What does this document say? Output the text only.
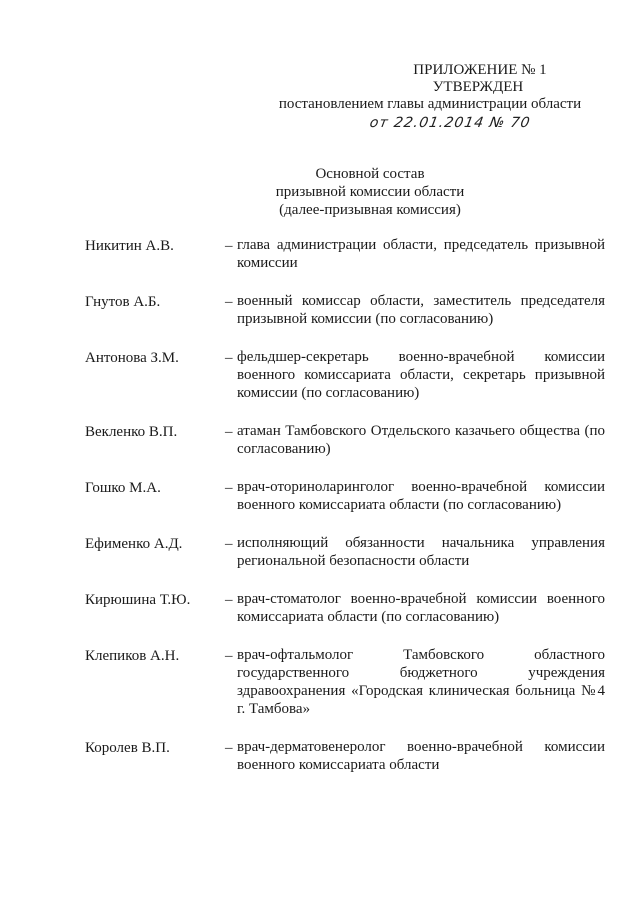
ПРИЛОЖЕНИЕ № 1
УТВЕРЖДЕН
постановлением главы администрации области
от 22.01.2014 № 70
Основной состав
призывной комиссии области
(далее-призывная комиссия)
Никитин А.В.	– глава администрации области, председатель призывной комиссии
Гнутов А.Б.	– военный комиссар области, заместитель председателя призывной комиссии (по согласованию)
Антонова З.М.	– фельдшер-секретарь военно-врачебной комиссии военного комиссариата области, секретарь призывной комиссии (по согласованию)
Векленко В.П.	– атаман Тамбовского Отдельского казачьего общества (по согласованию)
Гошко М.А.	– врач-оториноларинголог военно-врачебной комиссии военного комиссариата области (по согласованию)
Ефименко А.Д.	– исполняющий обязанности начальника управления региональной безопасности области
Кирюшина Т.Ю.	– врач-стоматолог военно-врачебной комиссии военного комиссариата области (по согласованию)
Клепиков А.Н.	– врач-офтальмолог Тамбовского областного государственного бюджетного учреждения здравоохранения «Городская клиническая больница №4 г. Тамбова»
Королев В.П.	– врач-дерматовенеролог военно-врачебной комиссии военного комиссариата области
